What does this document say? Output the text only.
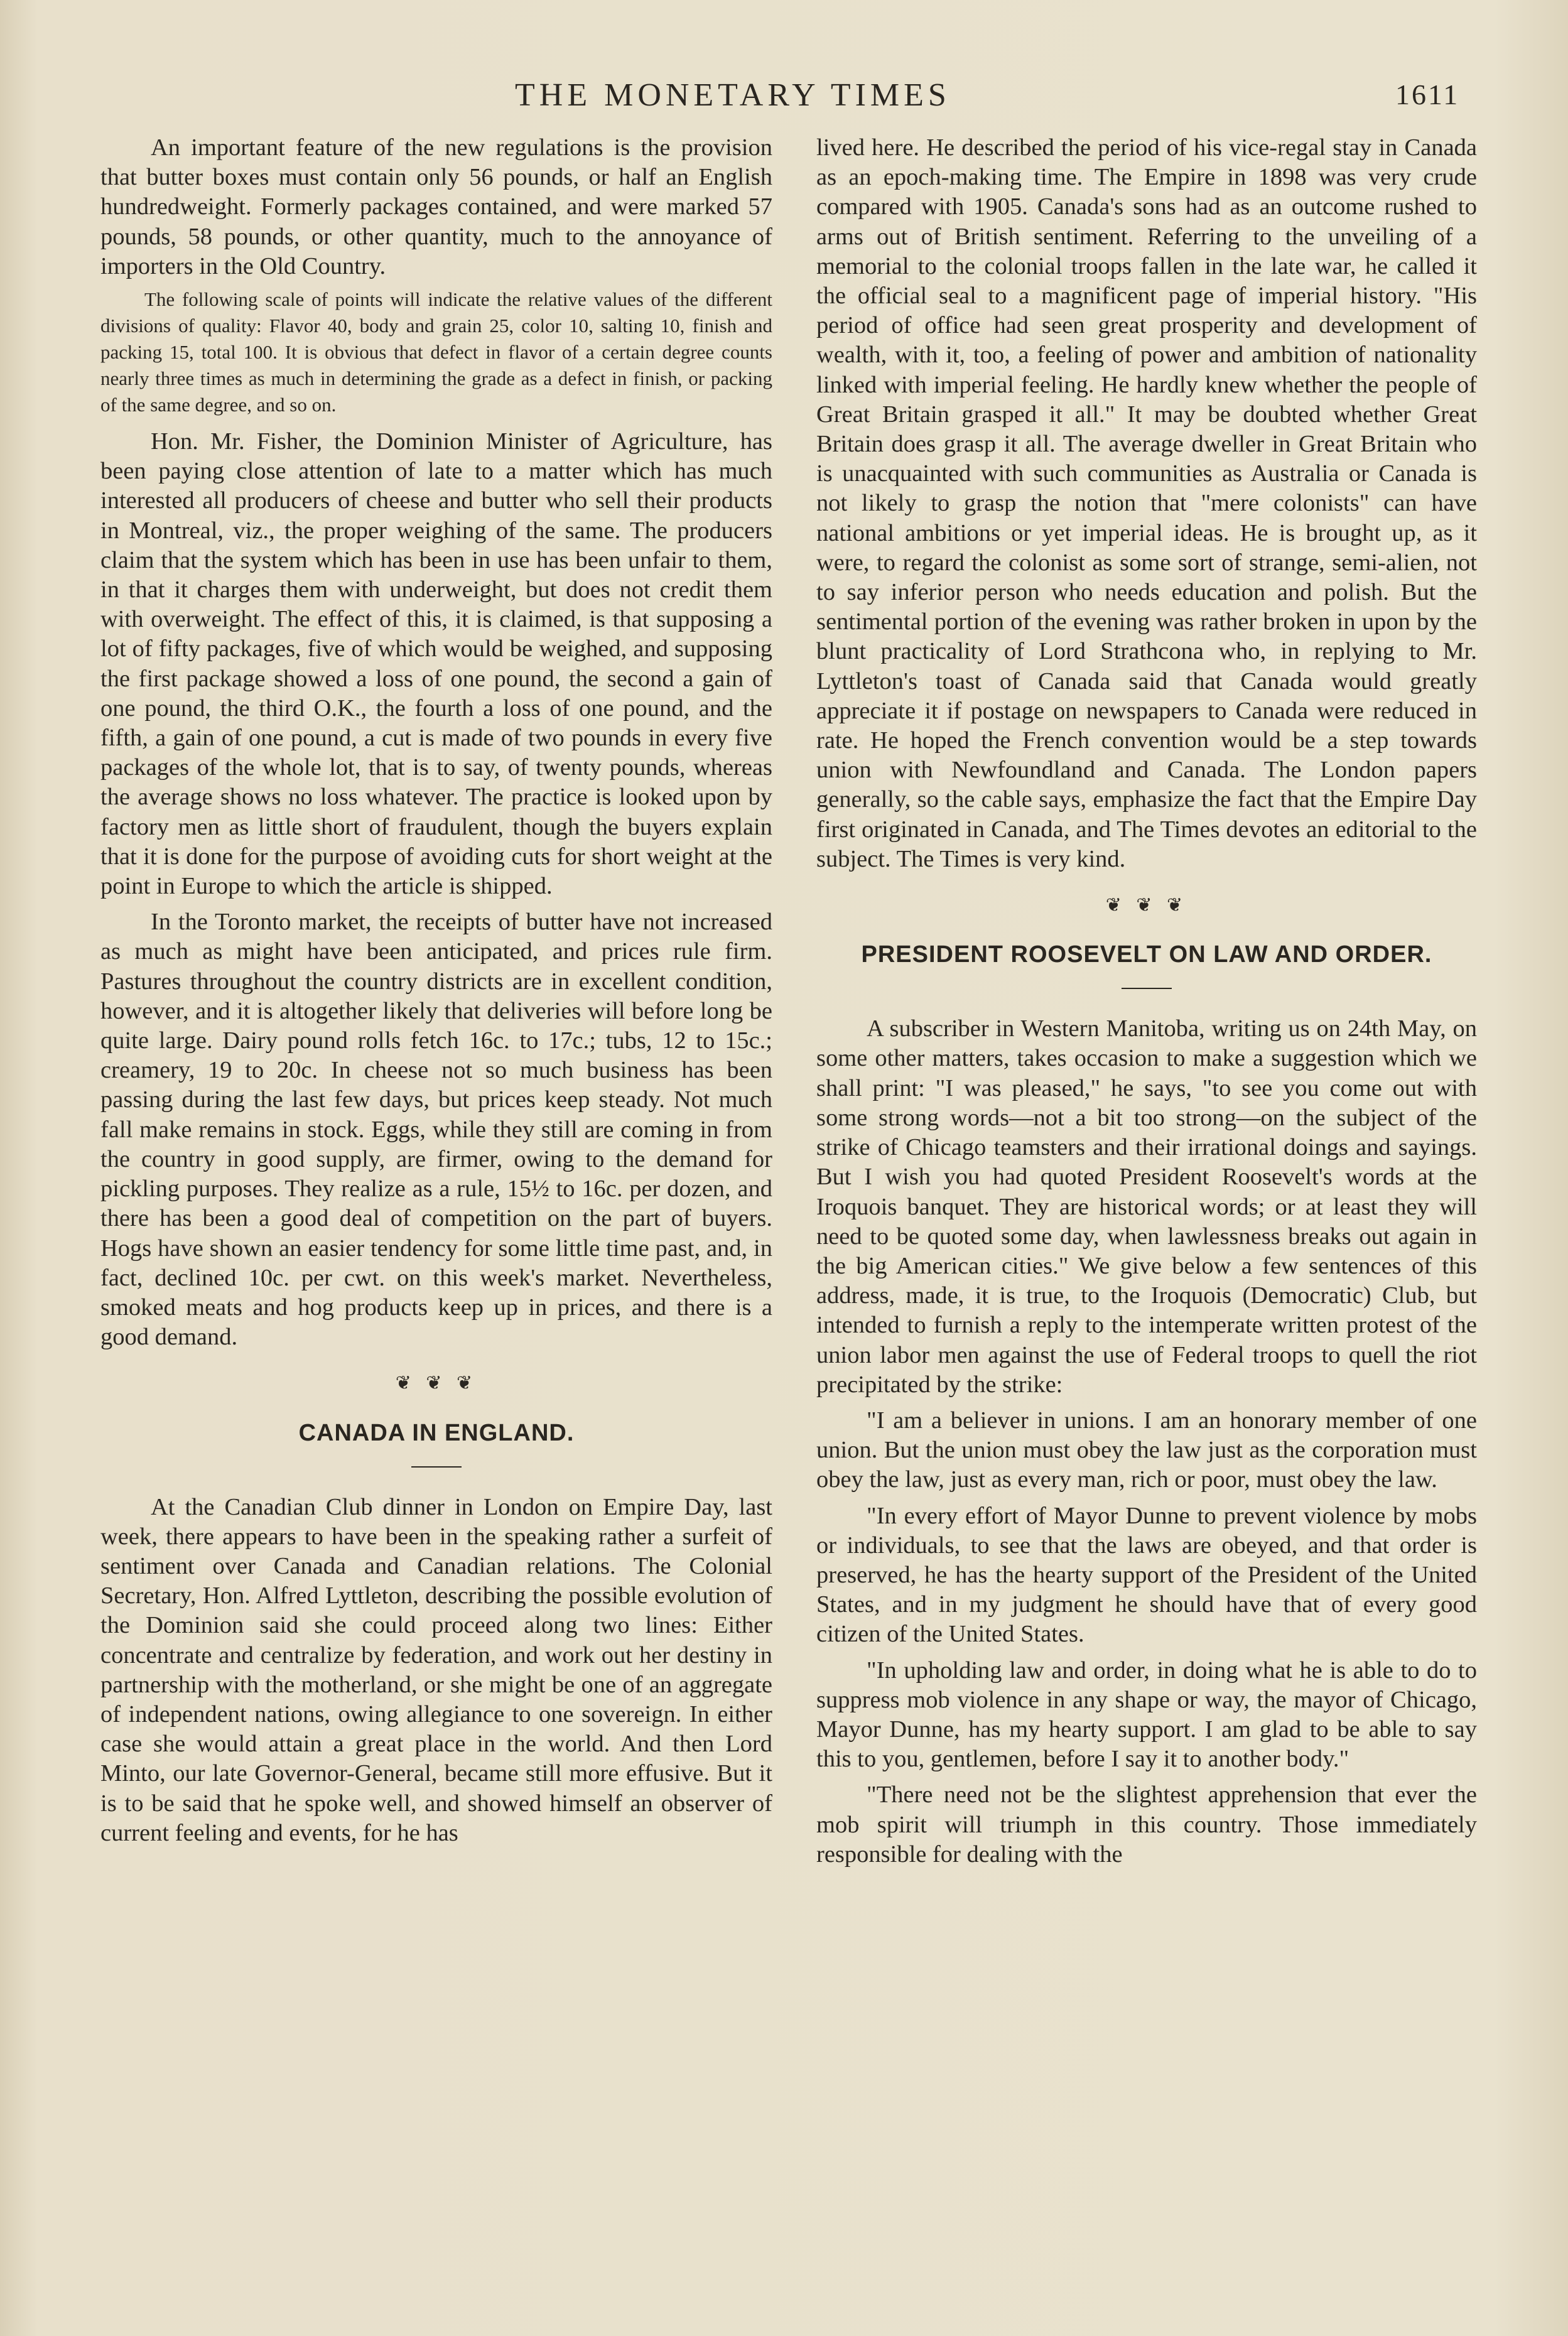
THE MONETARY TIMES	1611

An important feature of the new regulations is the provision that butter boxes must contain only 56 pounds, or half an English hundredweight. Formerly packages contained, and were marked 57 pounds, 58 pounds, or other quantity, much to the annoyance of importers in the Old Country.

The following scale of points will indicate the relative values of the different divisions of quality: Flavor 40, body and grain 25, color 10, salting 10, finish and packing 15, total 100. It is obvious that defect in flavor of a certain degree counts nearly three times as much in determining the grade as a defect in finish, or packing of the same degree, and so on.

Hon. Mr. Fisher, the Dominion Minister of Agriculture, has been paying close attention of late to a matter which has much interested all producers of cheese and butter who sell their products in Montreal, viz., the proper weighing of the same. The producers claim that the system which has been in use has been unfair to them, in that it charges them with underweight, but does not credit them with overweight. The effect of this, it is claimed, is that supposing a lot of fifty packages, five of which would be weighed, and supposing the first package showed a loss of one pound, the second a gain of one pound, the third O.K., the fourth a loss of one pound, and the fifth, a gain of one pound, a cut is made of two pounds in every five packages of the whole lot, that is to say, of twenty pounds, whereas the average shows no loss whatever. The practice is looked upon by factory men as little short of fraudulent, though the buyers explain that it is done for the purpose of avoiding cuts for short weight at the point in Europe to which the article is shipped.

In the Toronto market, the receipts of butter have not increased as much as might have been anticipated, and prices rule firm. Pastures throughout the country districts are in excellent condition, however, and it is altogether likely that deliveries will before long be quite large. Dairy pound rolls fetch 16c. to 17c.; tubs, 12 to 15c.; creamery, 19 to 20c. In cheese not so much business has been passing during the last few days, but prices keep steady. Not much fall make remains in stock. Eggs, while they still are coming in from the country in good supply, are firmer, owing to the demand for pickling purposes. They realize as a rule, 15½ to 16c. per dozen, and there has been a good deal of competition on the part of buyers. Hogs have shown an easier tendency for some little time past, and, in fact, declined 10c. per cwt. on this week's market. Nevertheless, smoked meats and hog products keep up in prices, and there is a good demand.

❦ ❦ ❦
CANADA IN ENGLAND.

At the Canadian Club dinner in London on Empire Day, last week, there appears to have been in the speaking rather a surfeit of sentiment over Canada and Canadian relations. The Colonial Secretary, Hon. Alfred Lyttleton, describing the possible evolution of the Dominion said she could proceed along two lines: Either concentrate and centralize by federation, and work out her destiny in partnership with the motherland, or she might be one of an aggregate of independent nations, owing allegiance to one sovereign. In either case she would attain a great place in the world. And then Lord Minto, our late Governor-General, became still more effusive. But it is to be said that he spoke well, and showed himself an observer of current feeling and events, for he has

lived here. He described the period of his vice-regal stay in Canada as an epoch-making time. The Empire in 1898 was very crude compared with 1905. Canada's sons had as an outcome rushed to arms out of British sentiment. Referring to the unveiling of a memorial to the colonial troops fallen in the late war, he called it the official seal to a magnificent page of imperial history. "His period of office had seen great prosperity and development of wealth, with it, too, a feeling of power and ambition of nationality linked with imperial feeling. He hardly knew whether the people of Great Britain grasped it all." It may be doubted whether Great Britain does grasp it all. The average dweller in Great Britain who is unacquainted with such communities as Australia or Canada is not likely to grasp the notion that "mere colonists" can have national ambitions or yet imperial ideas. He is brought up, as it were, to regard the colonist as some sort of strange, semi-alien, not to say inferior person who needs education and polish. But the sentimental portion of the evening was rather broken in upon by the blunt practicality of Lord Strathcona who, in replying to Mr. Lyttleton's toast of Canada said that Canada would greatly appreciate it if postage on newspapers to Canada were reduced in rate. He hoped the French convention would be a step towards union with Newfoundland and Canada. The London papers generally, so the cable says, emphasize the fact that the Empire Day first originated in Canada, and The Times devotes an editorial to the subject. The Times is very kind.

❦ ❦ ❦
PRESIDENT ROOSEVELT ON LAW AND ORDER.

A subscriber in Western Manitoba, writing us on 24th May, on some other matters, takes occasion to make a suggestion which we shall print: "I was pleased," he says, "to see you come out with some strong words—not a bit too strong—on the subject of the strike of Chicago teamsters and their irrational doings and sayings. But I wish you had quoted President Roosevelt's words at the Iroquois banquet. They are historical words; or at least they will need to be quoted some day, when lawlessness breaks out again in the big American cities." We give below a few sentences of this address, made, it is true, to the Iroquois (Democratic) Club, but intended to furnish a reply to the intemperate written protest of the union labor men against the use of Federal troops to quell the riot precipitated by the strike:

"I am a believer in unions. I am an honorary member of one union. But the union must obey the law just as the corporation must obey the law, just as every man, rich or poor, must obey the law.

"In every effort of Mayor Dunne to prevent violence by mobs or individuals, to see that the laws are obeyed, and that order is preserved, he has the hearty support of the President of the United States, and in my judgment he should have that of every good citizen of the United States.

"In upholding law and order, in doing what he is able to do to suppress mob violence in any shape or way, the mayor of Chicago, Mayor Dunne, has my hearty support. I am glad to be able to say this to you, gentlemen, before I say it to another body."

"There need not be the slightest apprehension that ever the mob spirit will triumph in this country. Those immediately responsible for dealing with the
